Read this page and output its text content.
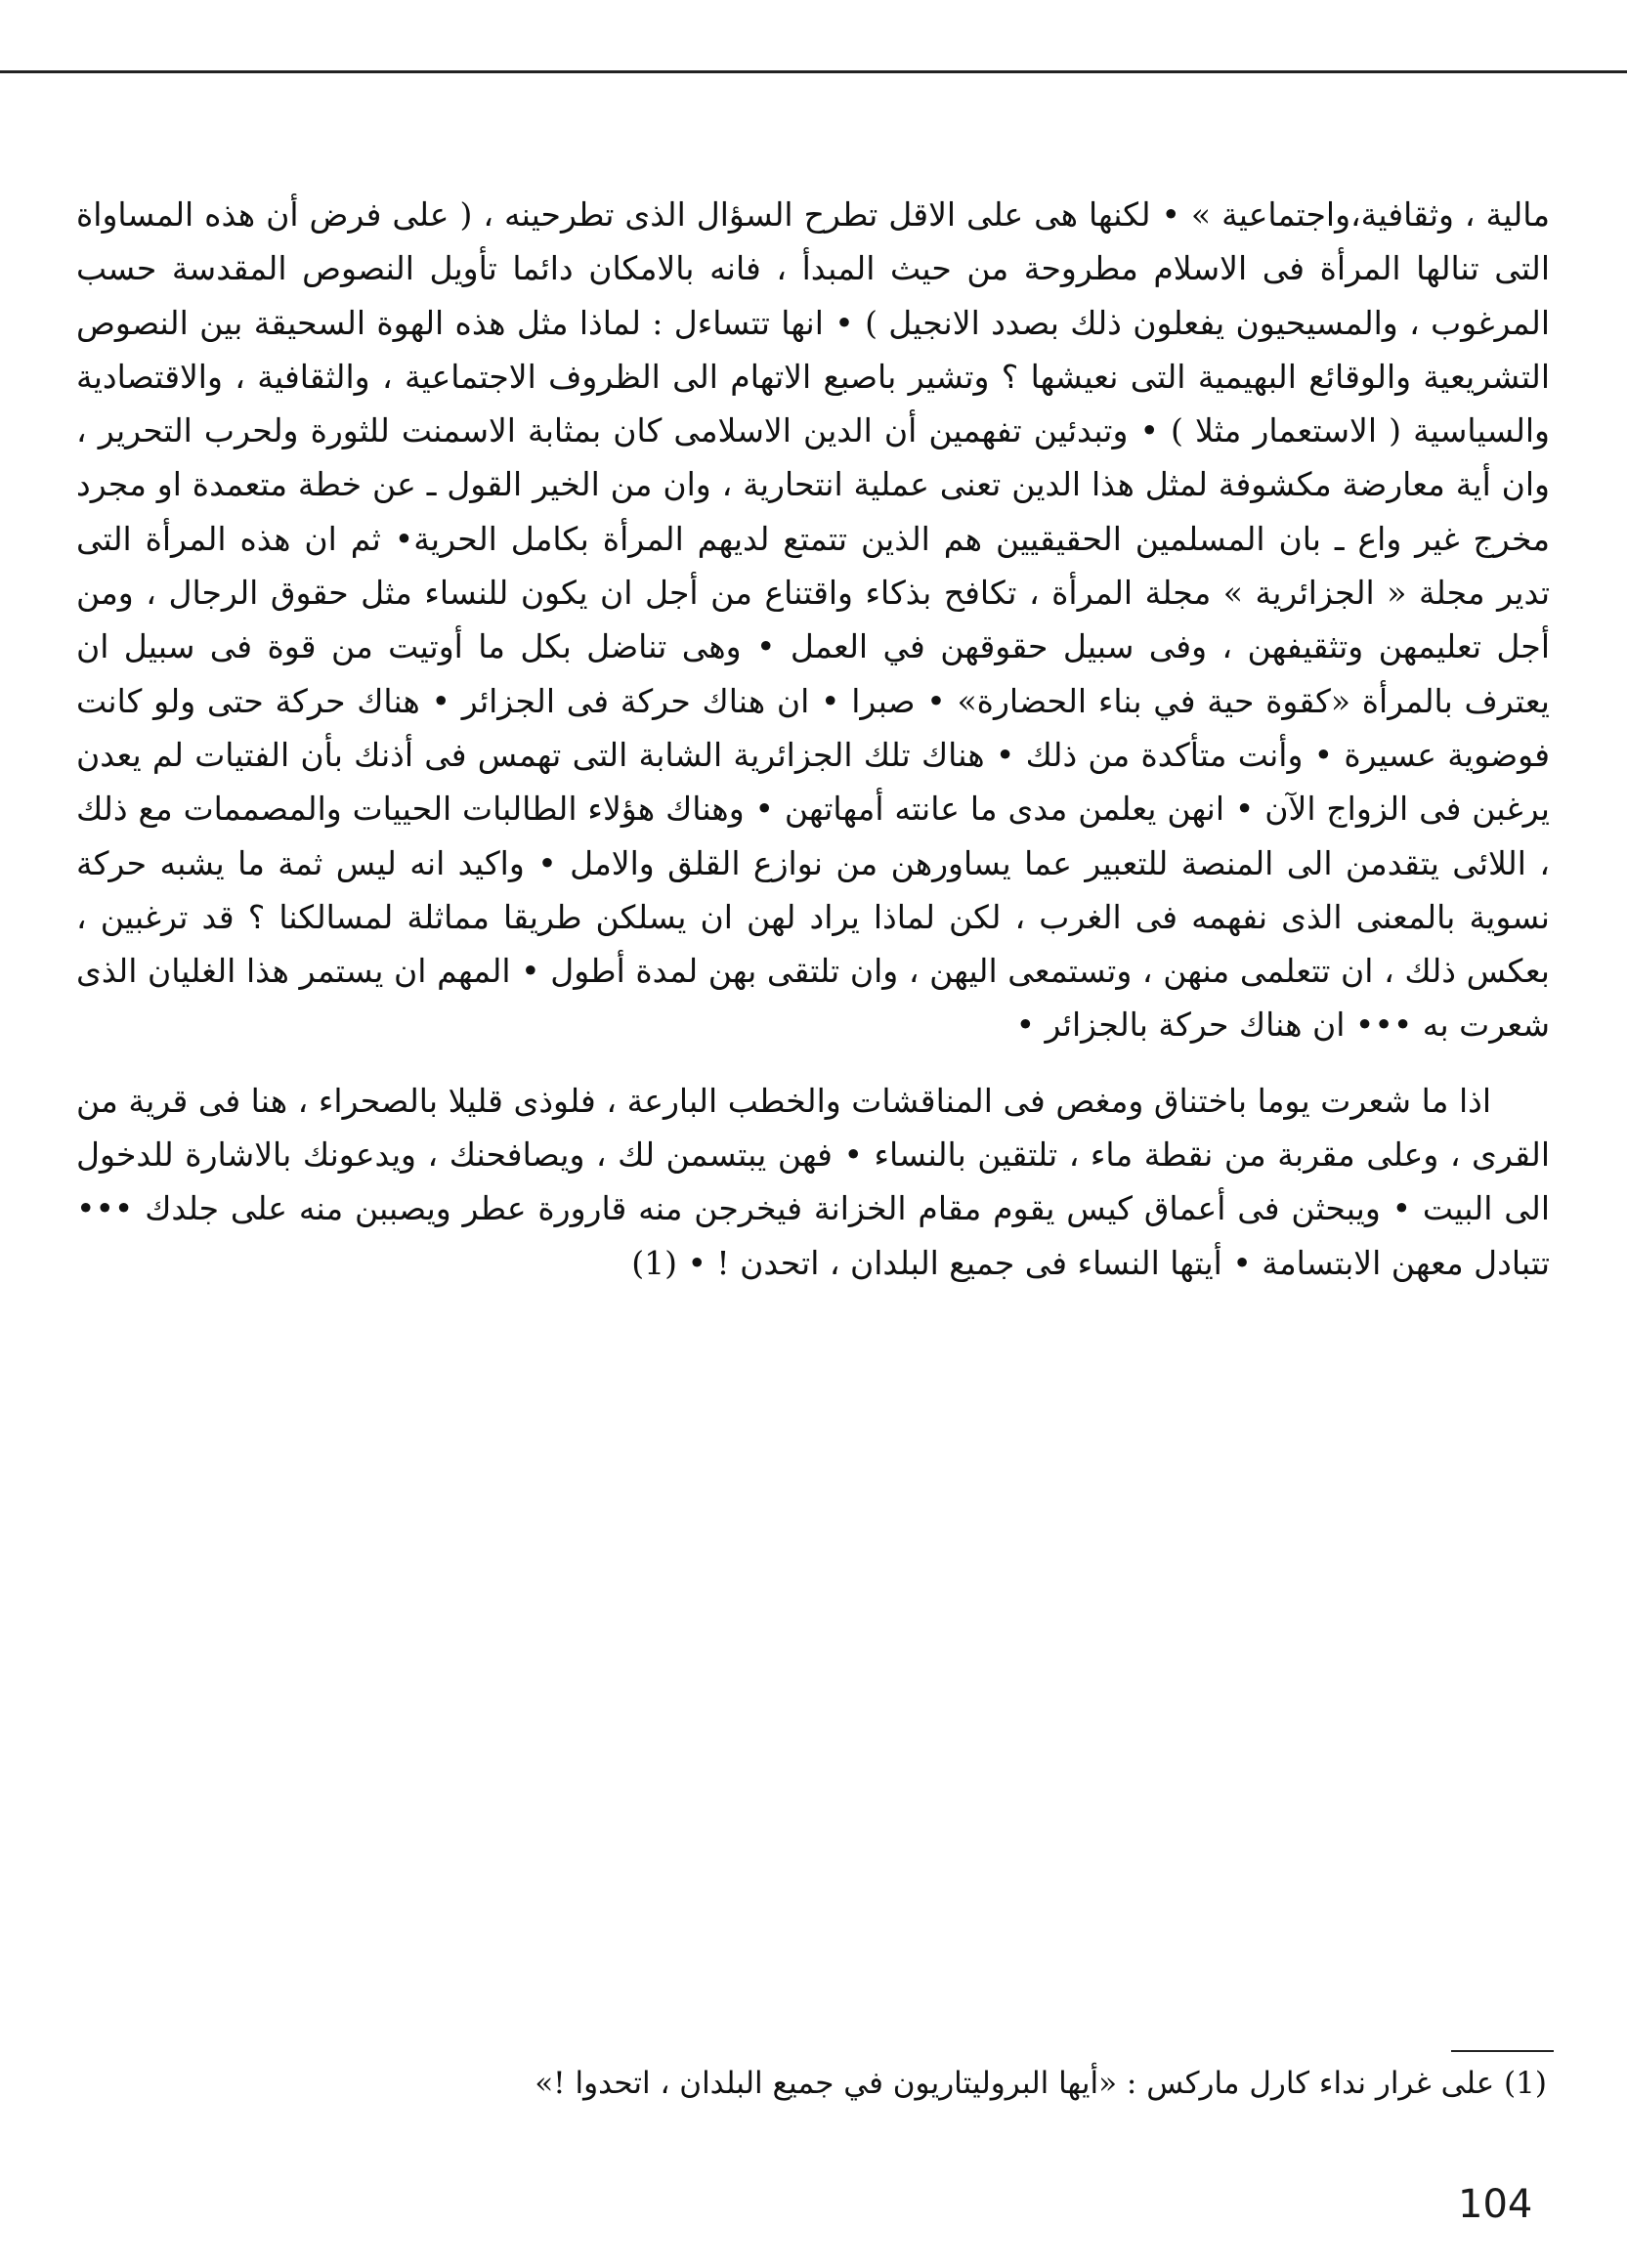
مالية ، وثقافية،واجتماعية » • لكنها هى على الاقل تطرح السؤال الذى تطرحينه ، ( على فرض أن هذه المساواة التى تنالها المرأة فى الاسلام مطروحة من حيث المبدأ ، فانه بالامكان دائما تأويل النصوص المقدسة حسب المرغوب ، والمسيحيون يفعلون ذلك بصدد الانجيل ) • انها تتساءل : لماذا مثل هذه الهوة السحيقة بين النصوص التشريعية والوقائع البهيمية التى نعيشها ؟ وتشير باصبع الاتهام الى الظروف الاجتماعية ، والثقافية ، والاقتصادية والسياسية ( الاستعمار مثلا ) • وتبدئين تفهمين أن الدين الاسلامى كان بمثابة الاسمنت للثورة ولحرب التحرير ، وان أية معارضة مكشوفة لمثل هذا الدين تعنى عملية انتحارية ، وان من الخير القول ـ عن خطة متعمدة او مجرد مخرج غير واع ـ بان المسلمين الحقيقيين هم الذين تتمتع لديهم المرأة بكامل الحرية• ثم ان هذه المرأة التى تدير مجلة « الجزائرية » مجلة المرأة ، تكافح بذكاء واقتناع من أجل ان يكون للنساء مثل حقوق الرجال ، ومن أجل تعليمهن وتثقيفهن ، وفى سبيل حقوقهن في العمل • وهى تناضل بكل ما أوتيت من قوة فى سبيل ان يعترف بالمرأة «كقوة حية في بناء الحضارة» • صبرا • ان هناك حركة فى الجزائر • هناك حركة حتى ولو كانت فوضوية عسيرة • وأنت متأكدة من ذلك • هناك تلك الجزائرية الشابة التى تهمس فى أذنك بأن الفتيات لم يعدن يرغبن فى الزواج الآن • انهن يعلمن مدى ما عانته أمهاتهن • وهناك هؤلاء الطالبات الحييات والمصممات مع ذلك ، اللائى يتقدمن الى المنصة للتعبير عما يساورهن من نوازع القلق والامل • واكيد انه ليس ثمة ما يشبه حركة نسوية بالمعنى الذى نفهمه فى الغرب ، لكن لماذا يراد لهن ان يسلكن طريقا مماثلة لمسالكنا ؟ قد ترغبين ، بعكس ذلك ، ان تتعلمى منهن ، وتستمعى اليهن ، وان تلتقى بهن لمدة أطول • المهم ان يستمر هذا الغليان الذى شعرت به ••• ان هناك حركة بالجزائر •

اذا ما شعرت يوما باختناق ومغص فى المناقشات والخطب البارعة ، فلوذى قليلا بالصحراء ، هنا فى قرية من القرى ، وعلى مقربة من نقطة ماء ، تلتقين بالنساء • فهن يبتسمن لك ، ويصافحنك ، ويدعونك بالاشارة للدخول الى البيت • ويبحثن فى أعماق كيس يقوم مقام الخزانة فيخرجن منه قارورة عطر ويصببن منه على جلدك ••• تتبادل معهن الابتسامة • أيتها النساء فى جميع البلدان ، اتحدن ! • (1)

(1) على غرار نداء كارل ماركس : «أيها البروليتاريون في جميع البلدان ، اتحدوا !»
104
